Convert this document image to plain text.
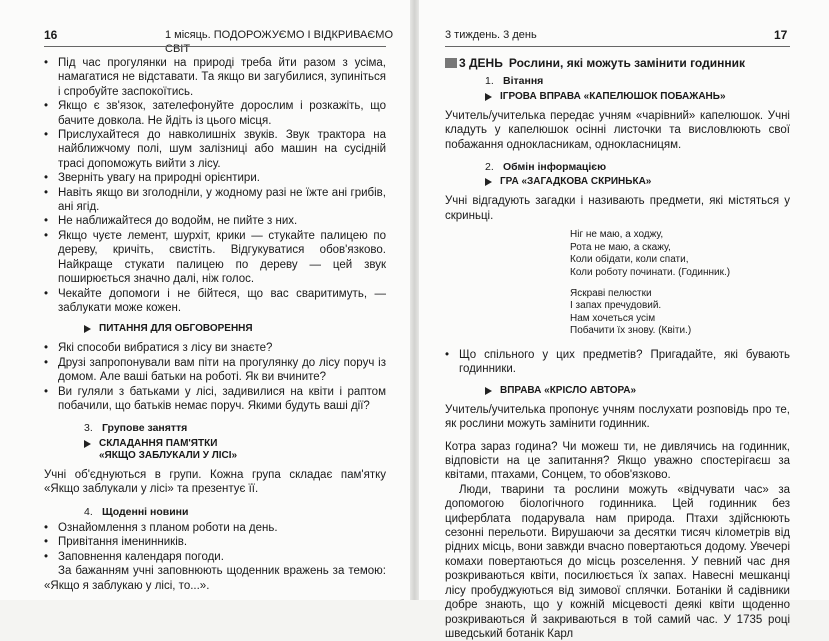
16	1 місяць. ПОДОРОЖУЄМО І ВІДКРИВАЄМО СВІТ
• Під час прогулянки на природі треба йти разом з усіма, намагатися не відставати. Та якщо ви загубилися, зупиніться і спробуйте заспокоїтись.
• Якщо є зв'язок, зателефонуйте дорослим і розкажіть, що бачите довкола. Не йдіть із цього місця.
• Прислухайтеся до навколишніх звуків. Звук трактора на найближчому полі, шум залізниці або машин на сусідній трасі допоможуть вийти з лісу.
• Зверніть увагу на природні орієнтири.
• Навіть якщо ви зголодніли, у жодному разі не їжте ані грибів, ані ягід.
• Не наближайтеся до водойм, не пийте з них.
• Якщо чуєте лемент, шурхіт, крики — стукайте палицею по дереву, кричіть, свистіть. Відгукуватися обов'язково. Найкраще стукати палицею по дереву — цей звук поширюється значно далі, ніж голос.
• Чекайте допомоги і не бійтеся, що вас сваритимуть, — заблукати може кожен.
ПИТАННЯ ДЛЯ ОБГОВОРЕННЯ
• Які способи вибратися з лісу ви знаєте?
• Друзі запропонували вам піти на прогулянку до лісу поруч із домом. Але ваші батьки на роботі. Як ви вчините?
• Ви гуляли з батьками у лісі, задивилися на квіти і раптом побачили, що батьків немає поруч. Якими будуть ваші дії?
3. Групове заняття
СКЛАДАННЯ ПАМ'ЯТКИ
«ЯКЩО ЗАБЛУКАЛИ У ЛІСІ»
Учні об'єднуються в групи. Кожна група складає пам'ятку «Якщо заблукали у лісі» та презентує її.
4. Щоденні новини
• Ознайомлення з планом роботи на день.
• Привітання іменинників.
• Заповнення календаря погоди.
За бажанням учні заповнюють щоденник вражень за темою: «Якщо я заблукаю у лісі, то...».
3 тиждень. 3 день	17
3 ДЕНЬ Рослини, які можуть замінити годинник
1. Вітання
ІГРОВА ВПРАВА «КАПЕЛЮШОК ПОБАЖАНЬ»
Учитель/учителька передає учням «чарівний» капелюшок. Учні кладуть у капелюшок осінні листочки та висловлюють свої побажання однокласникам, однокласницям.
2. Обмін інформацією
ГРА «ЗАГАДКОВА СКРИНЬКА»
Учні відгадують загадки і називають предмети, які містяться у скриньці.
Ніг не маю, а ходжу,
Рота не маю, а скажу,
Коли обідати, коли спати,
Коли роботу починати. (Годинник.)
Яскраві пелюстки
І запах пречудовий.
Нам хочеться усім
Побачити їх знову. (Квіти.)
• Що спільного у цих предметів? Пригадайте, які бувають годинники.
ВПРАВА «КРІСЛО АВТОРА»
Учитель/учителька пропонує учням послухати розповідь про те, як рослини можуть замінити годинник.
Котра зараз година? Чи можеш ти, не дивлячись на годинник, відповісти на це запитання? Якщо уважно спостерігаєш за квітами, птахами, Сонцем, то обов'язково.
Люди, тварини та рослини можуть «відчувати час» за допомогою біологічного годинника. Цей годинник без циферблата подарувала нам природа. Птахи здійснюють сезонні перельоти. Вирушаючи за десятки тисяч кілометрів від рідних місць, вони завжди вчасно повертаються додому. Увечері комахи повертаються до місць розселення. У певний час дня розкриваються квіти, посилюється їх запах. Навесні мешканці лісу пробуджуються від зимової сплячки. Ботаніки й садівники добре знають, що у кожній місцевості деякі квіти щоденно розкриваються й закриваються в той самий час. У 1735 році шведський ботанік Карл
